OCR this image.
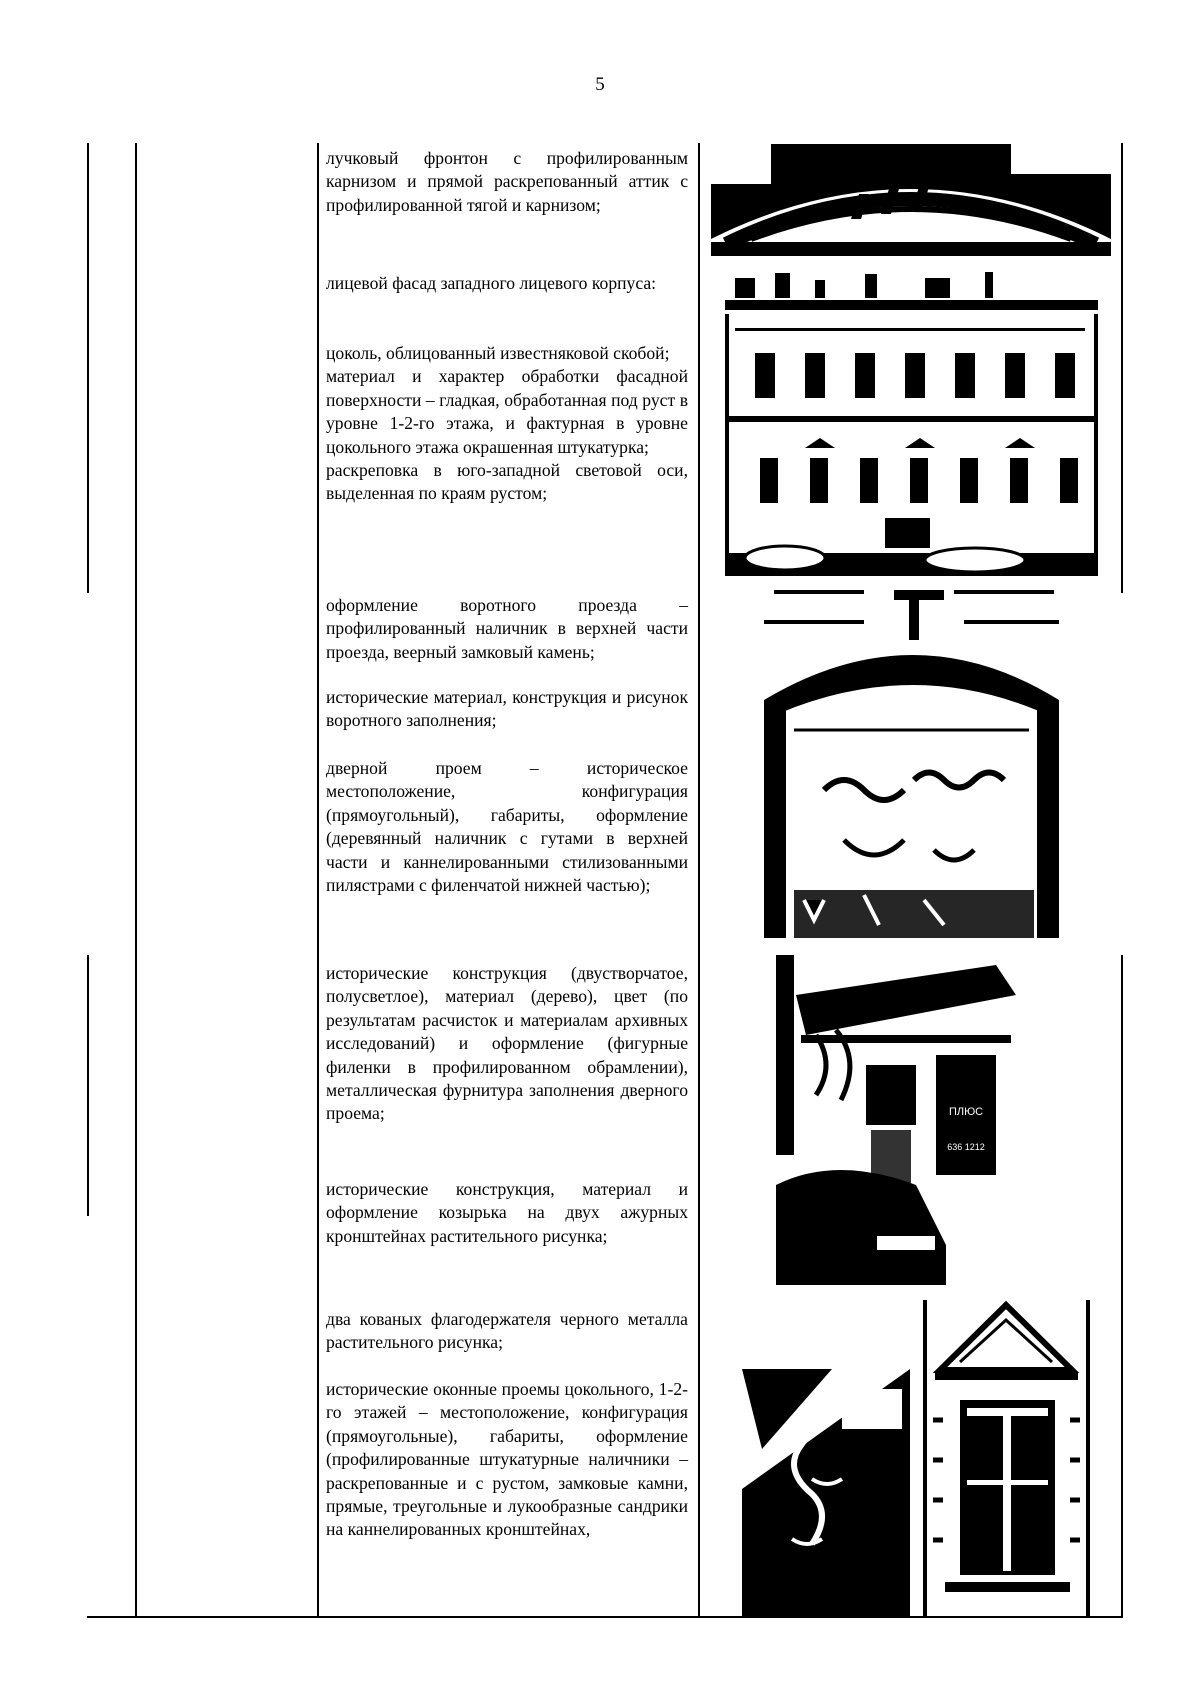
5

лучковый фронтон с профилированным карнизом и прямой раскрепованный аттик с профилированной тягой и карнизом;

лицевой фасад западного лицевого корпуса:

цоколь, облицованный известняковой скобой;

материал и характер обработки фасадной поверхности – гладкая, обработанная под руст в уровне 1-2-го этажа, и фактурная в уровне цокольного этажа окрашенная штукатурка;

раскреповка в юго-западной световой оси, выделенная по краям рустом;

оформление воротного проезда – профилированный наличник в верхней части проезда, веерный замковый камень;

исторические материал, конструкция и рисунок воротного заполнения;

дверной проем – историческое местоположение, конфигурация (прямоугольный), габариты, оформление (деревянный наличник с гутами в верхней части и каннелированными стилизованными пилястрами с филенчатой нижней частью);

исторические конструкция (двустворчатое, полусветлое), материал (дерево), цвет (по результатам расчисток и материалам архивных исследований) и оформление (фигурные филенки в профилированном обрамлении), металлическая фурнитура заполнения дверного проема;

исторические конструкция, материал и оформление козырька на двух ажурных кронштейнах растительного рисунка;

два кованых флагодержателя черного металла растительного рисунка;

исторические оконные проемы цокольного, 1-2-го этажей – местоположение, конфигурация (прямоугольные), габариты, оформление (профилированные штукатурные наличники – раскрепованные и с рустом, замковые камни, прямые, треугольные и лукообразные сандрики на каннелированных кронштейнах,

ПЛЮС
636 1212
